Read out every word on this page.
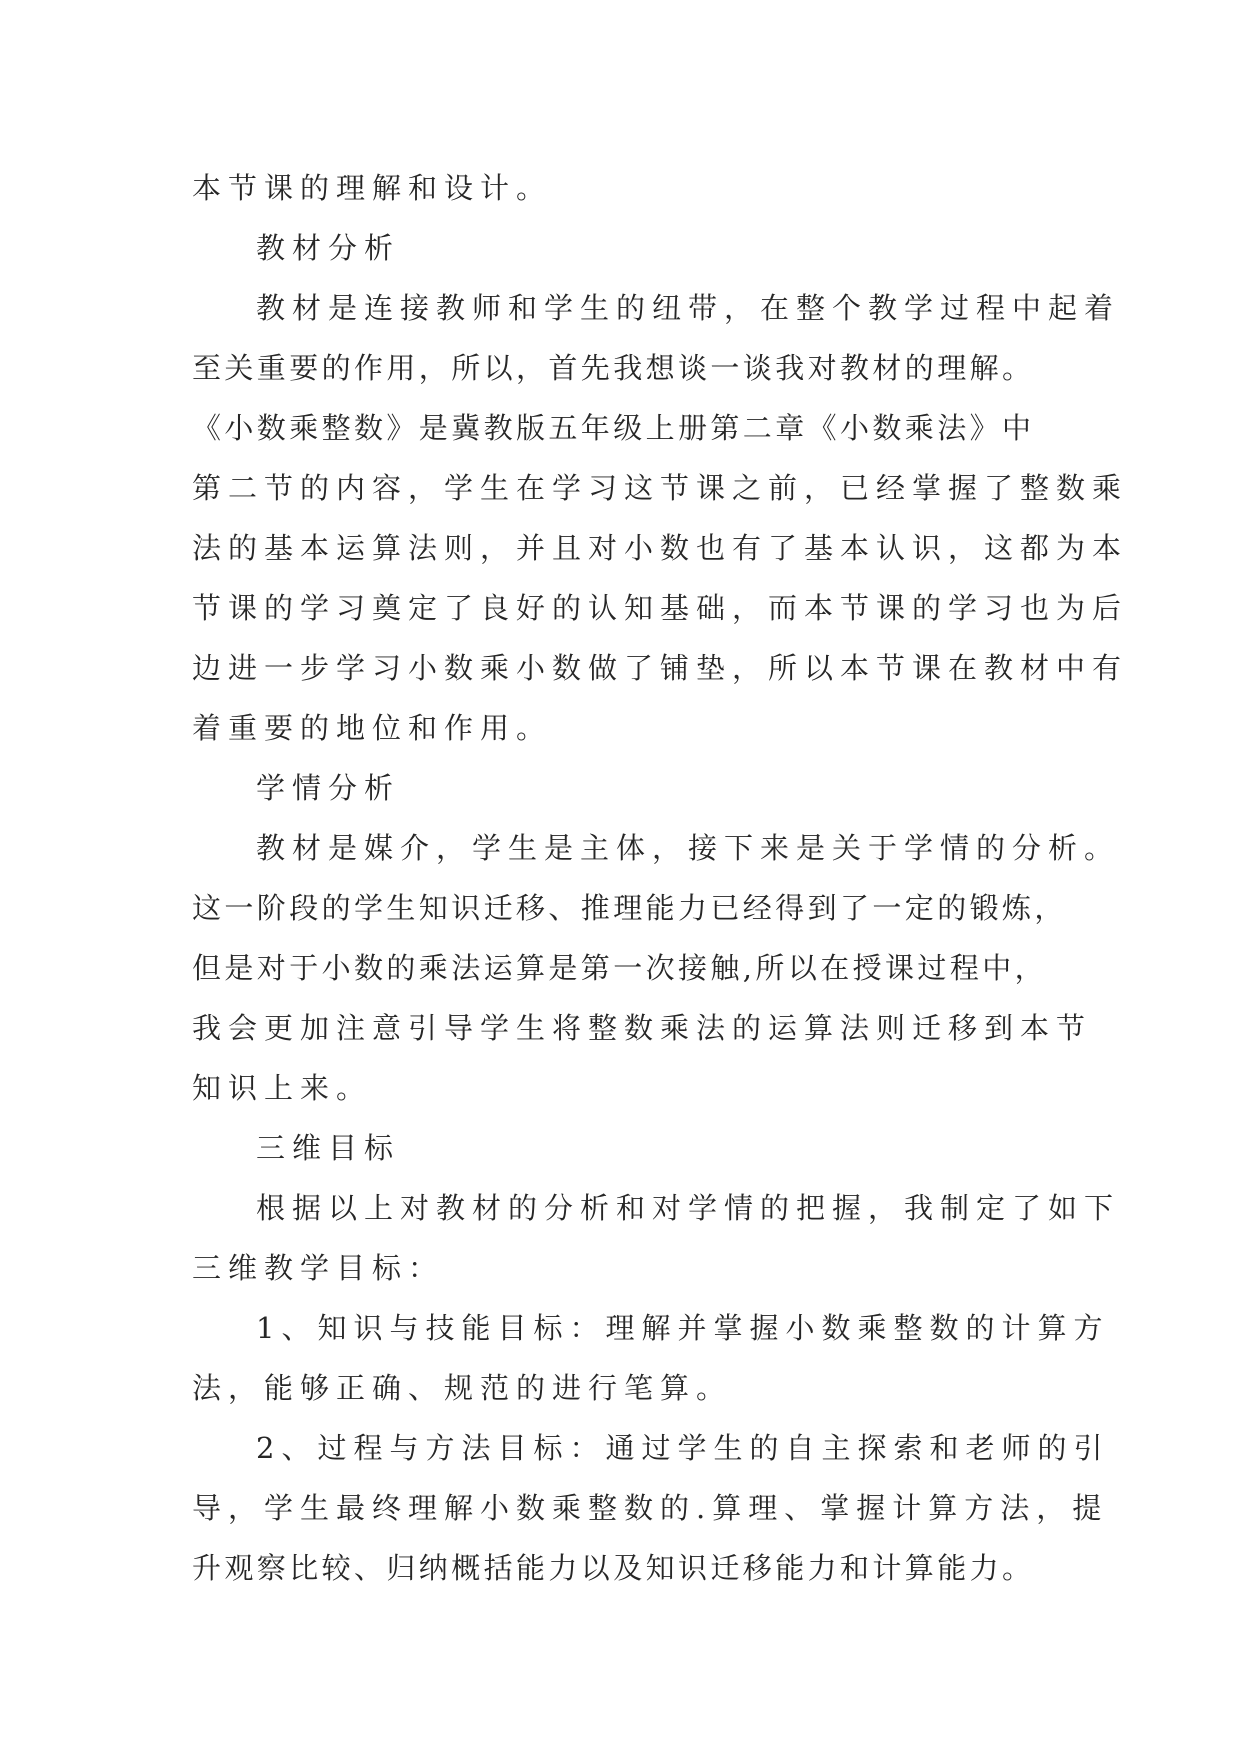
本节课的理解和设计。
教材分析
教材是连接教师和学生的纽带，在整个教学过程中起着
至关重要的作用，所以，首先我想谈一谈我对教材的理解。
《小数乘整数》是冀教版五年级上册第二章《小数乘法》中
第二节的内容，学生在学习这节课之前，已经掌握了整数乘
法的基本运算法则，并且对小数也有了基本认识，这都为本
节课的学习奠定了良好的认知基础，而本节课的学习也为后
边进一步学习小数乘小数做了铺垫，所以本节课在教材中有
着重要的地位和作用。
学情分析
教材是媒介，学生是主体，接下来是关于学情的分析。
这一阶段的学生知识迁移、推理能力已经得到了一定的锻炼，
但是对于小数的乘法运算是第一次接触,所以在授课过程中，
我会更加注意引导学生将整数乘法的运算法则迁移到本节
知识上来。
三维目标
根据以上对教材的分析和对学情的把握，我制定了如下
三维教学目标：
1、知识与技能目标：理解并掌握小数乘整数的计算方
法，能够正确、规范的进行笔算。
2、过程与方法目标：通过学生的自主探索和老师的引
导，学生最终理解小数乘整数的.算理、掌握计算方法，提
升观察比较、归纳概括能力以及知识迁移能力和计算能力。
